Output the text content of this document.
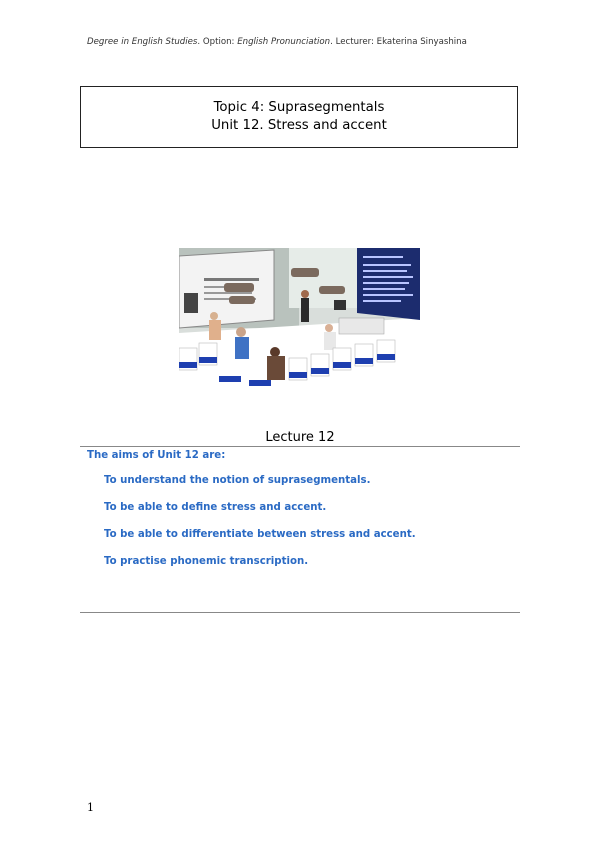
Degree in English Studies. Option: English Pronunciation. Lecturer: Ekaterina Sinyashina
Topic 4: Suprasegmentals
Unit 12. Stress and accent
Lecture 12
The aims of Unit 12 are:
To understand the notion of suprasegmentals.
To be able to define stress and accent.
To be able to differentiate between stress and accent.
To practise phonemic transcription.
1
